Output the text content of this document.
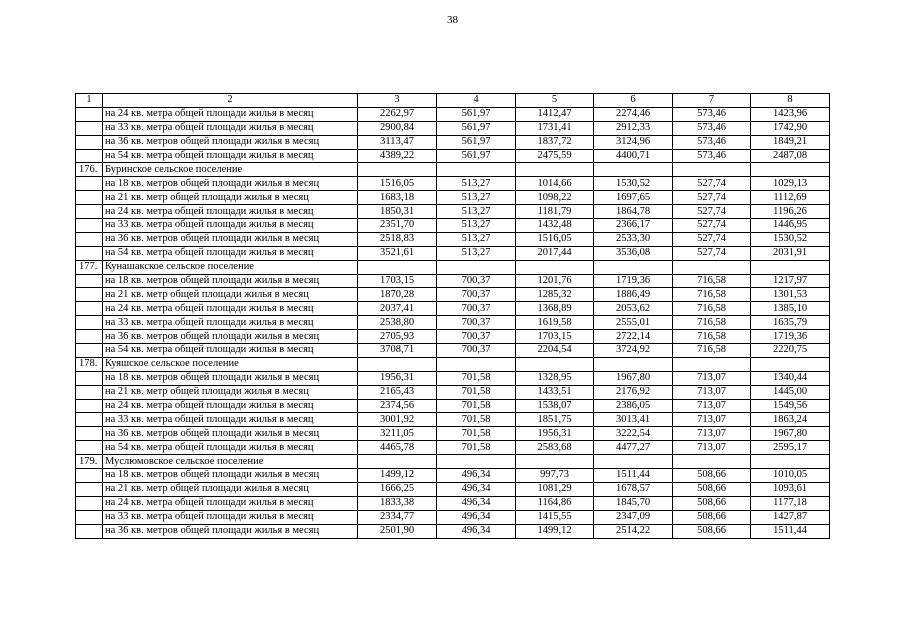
38
1	2	3	4	5	6	7	8
	на 24 кв. метра общей площади жилья в месяц	2262,97	561,97	1412,47	2274,46	573,46	1423,96
	на 33 кв. метра общей площади жилья в месяц	2900,84	561,97	1731,41	2912,33	573,46	1742,90
	на 36 кв. метров общей площади жилья в месяц	3113,47	561,97	1837,72	3124,96	573,46	1849,21
	на 54 кв. метра общей площади жилья в месяц	4389,22	561,97	2475,59	4400,71	573,46	2487,08
176.	Буринское сельское поселение						
	на 18 кв. метров общей площади жилья в месяц	1516,05	513,27	1014,66	1530,52	527,74	1029,13
	на 21 кв. метр общей площади жилья в месяц	1683,18	513,27	1098,22	1697,65	527,74	1112,69
	на 24 кв. метра общей площади жилья в месяц	1850,31	513,27	1181,79	1864,78	527,74	1196,26
	на 33 кв. метра общей площади жилья в месяц	2351,70	513,27	1432,48	2366,17	527,74	1446,95
	на 36 кв. метров общей площади жилья в месяц	2518,83	513,27	1516,05	2533,30	527,74	1530,52
	на 54 кв. метра общей площади жилья в месяц	3521,61	513,27	2017,44	3536,08	527,74	2031,91
177.	Кунашакское сельское поселение						
	на 18 кв. метров общей площади жилья в месяц	1703,15	700,37	1201,76	1719,36	716,58	1217,97
	на 21 кв. метр общей площади жилья в месяц	1870,28	700,37	1285,32	1886,49	716,58	1301,53
	на 24 кв. метра общей площади жилья в месяц	2037,41	700,37	1368,89	2053,62	716,58	1385,10
	на 33 кв. метра общей площади жилья в месяц	2538,80	700,37	1619,58	2555,01	716,58	1635,79
	на 36 кв. метров общей площади жилья в месяц	2705,93	700,37	1703,15	2722,14	716,58	1719,36
	на 54 кв. метра общей площади жилья в месяц	3708,71	700,37	2204,54	3724,92	716,58	2220,75
178.	Куяшское сельское поселение						
	на 18 кв. метров общей площади жилья в месяц	1956,31	701,58	1328,95	1967,80	713,07	1340,44
	на 21 кв. метр общей площади жилья в месяц	2165,43	701,58	1433,51	2176,92	713,07	1445,00
	на 24 кв. метра общей площади жилья в месяц	2374,56	701,58	1538,07	2386,05	713,07	1549,56
	на 33 кв. метра общей площади жилья в месяц	3001,92	701,58	1851,75	3013,41	713,07	1863,24
	на 36 кв. метров общей площади жилья в месяц	3211,05	701,58	1956,31	3222,54	713,07	1967,80
	на 54 кв. метра общей площади жилья в месяц	4465,78	701,58	2583,68	4477,27	713,07	2595,17
179.	Муслюмовское сельское поселение						
	на 18 кв. метров общей площади жилья в месяц	1499,12	496,34	997,73	1511,44	508,66	1010,05
	на 21 кв. метр общей площади жилья в месяц	1666,25	496,34	1081,29	1678,57	508,66	1093,61
	на 24 кв. метра общей площади жилья в месяц	1833,38	496,34	1164,86	1845,70	508,66	1177,18
	на 33 кв. метра общей площади жилья в месяц	2334,77	496,34	1415,55	2347,09	508,66	1427,87
	на 36 кв. метров общей площади жилья в месяц	2501,90	496,34	1499,12	2514,22	508,66	1511,44
